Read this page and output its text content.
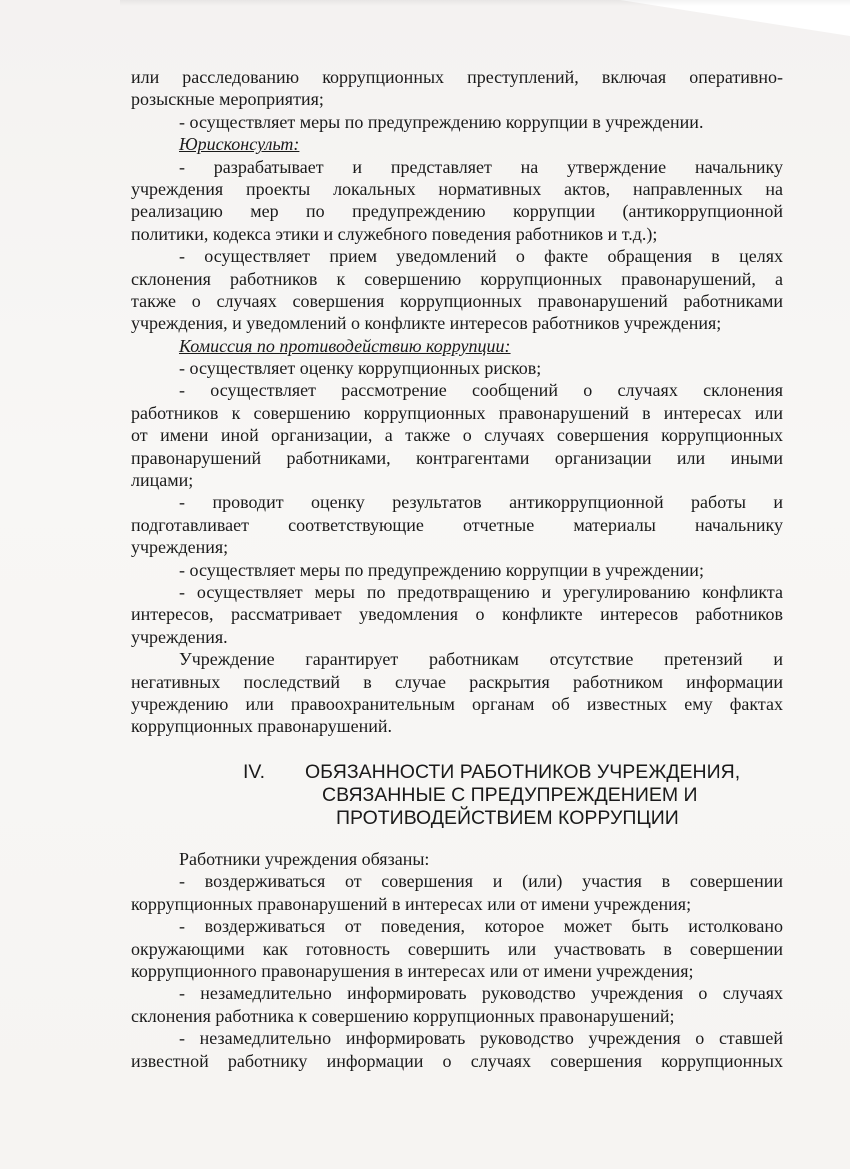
или расследованию коррупционных преступлений, включая оперативно-
розыскные мероприятия;
- осуществляет меры по предупреждению коррупции в учреждении.
Юрисконсульт:
- разрабатывает и представляет на утверждение начальнику
учреждения проекты локальных нормативных актов, направленных на
реализацию мер по предупреждению коррупции (антикоррупционной
политики, кодекса этики и служебного поведения работников и т.д.);
- осуществляет прием уведомлений о факте обращения в целях
склонения работников к совершению коррупционных правонарушений, а
также о случаях совершения коррупционных правонарушений работниками
учреждения, и уведомлений о конфликте интересов работников учреждения;
Комиссия по противодействию коррупции:
- осуществляет оценку коррупционных рисков;
- осуществляет рассмотрение сообщений о случаях склонения
работников к совершению коррупционных правонарушений в интересах или
от имени иной организации, а также о случаях совершения коррупционных
правонарушений работниками, контрагентами организации или иными
лицами;
- проводит оценку результатов антикоррупционной работы и
подготавливает соответствующие отчетные материалы начальнику
учреждения;
- осуществляет меры по предупреждению коррупции в учреждении;
- осуществляет меры по предотвращению и урегулированию конфликта
интересов, рассматривает уведомления о конфликте интересов работников
учреждения.
Учреждение гарантирует работникам отсутствие претензий и
негативных последствий в случае раскрытия работником информации
учреждению или правоохранительным органам об известных ему фактах
коррупционных правонарушений.
IV. ОБЯЗАННОСТИ РАБОТНИКОВ УЧРЕЖДЕНИЯ,
СВЯЗАННЫЕ С ПРЕДУПРЕЖДЕНИЕМ И
ПРОТИВОДЕЙСТВИЕМ КОРРУПЦИИ
Работники учреждения обязаны:
- воздерживаться от совершения и (или) участия в совершении
коррупционных правонарушений в интересах или от имени учреждения;
- воздерживаться от поведения, которое может быть истолковано
окружающими как готовность совершить или участвовать в совершении
коррупционного правонарушения в интересах или от имени учреждения;
- незамедлительно информировать руководство учреждения о случаях
склонения работника к совершению коррупционных правонарушений;
- незамедлительно информировать руководство учреждения о ставшей
известной работнику информации о случаях совершения коррупционных
